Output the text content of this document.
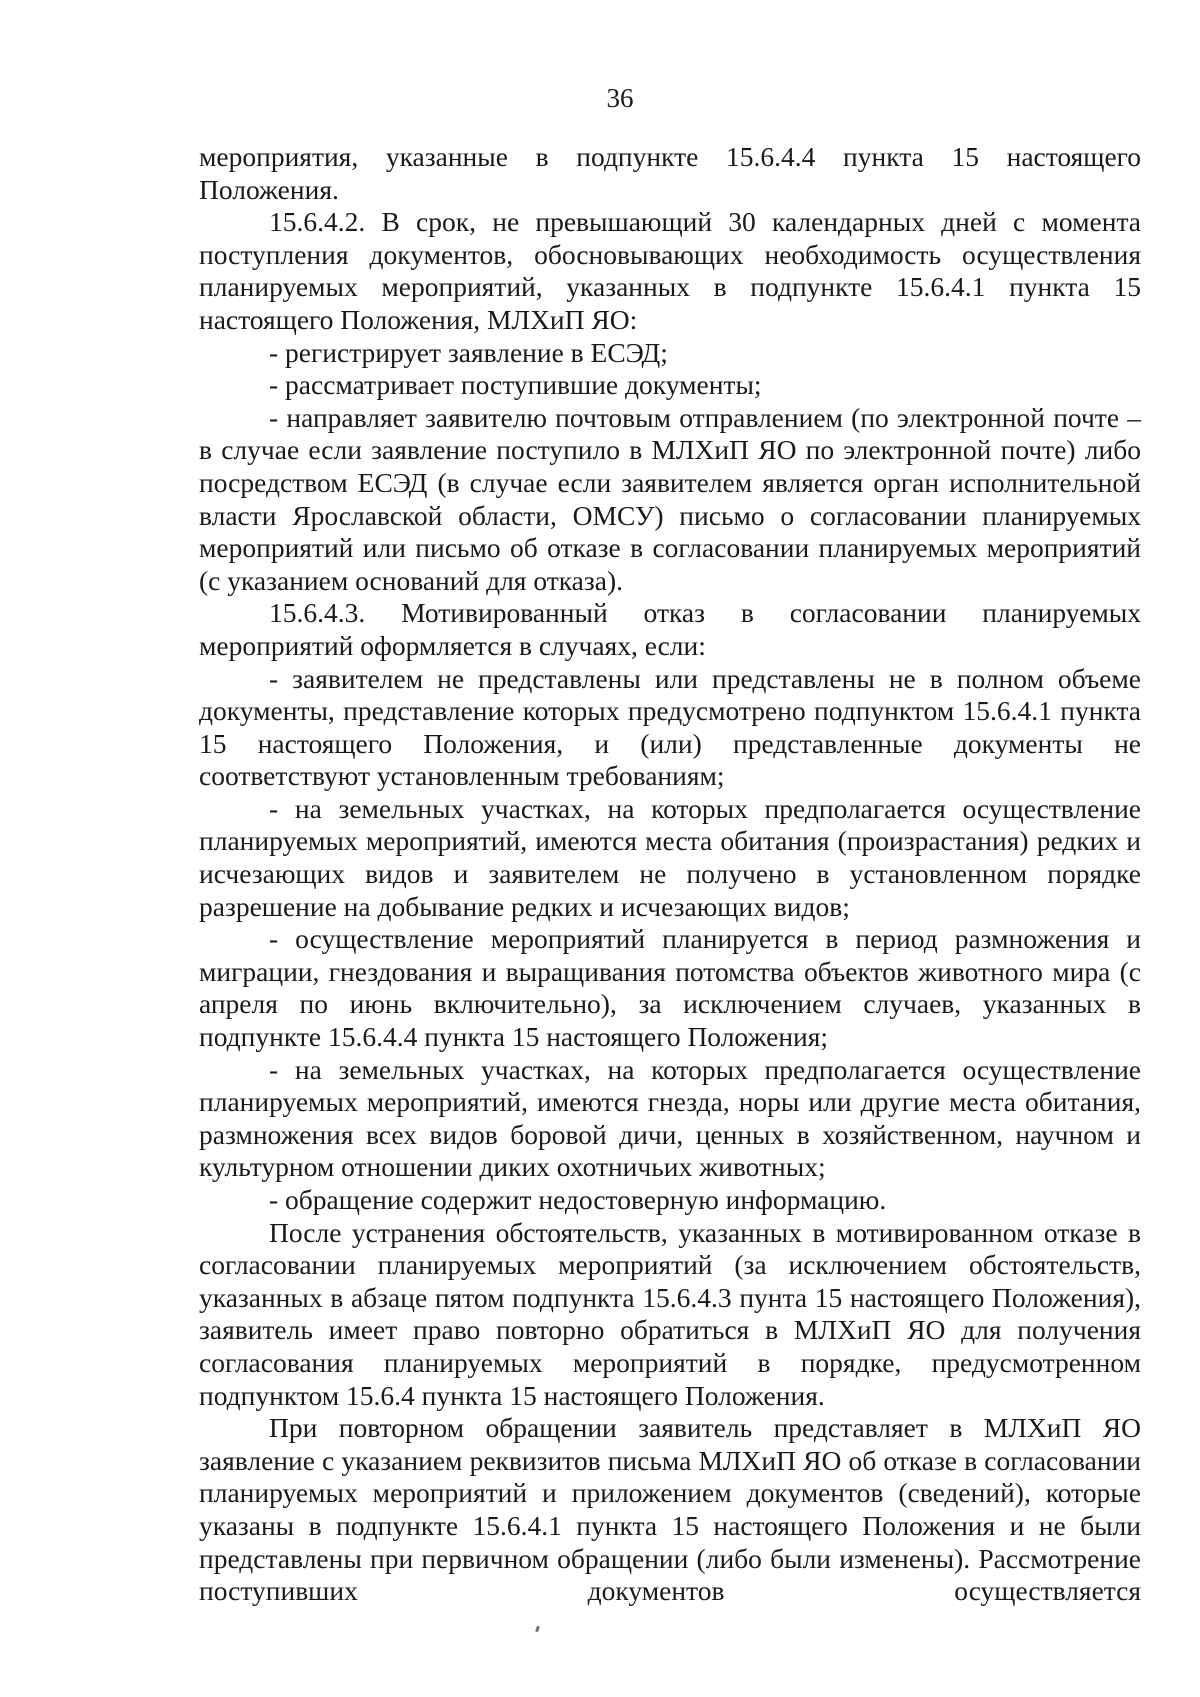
36

мероприятия, указанные в подпункте 15.6.4.4 пункта 15 настоящего Положения.

15.6.4.2. В срок, не превышающий 30 календарных дней с момента поступления документов, обосновывающих необходимость осуществления планируемых мероприятий, указанных в подпункте 15.6.4.1 пункта 15 настоящего Положения, МЛХиП ЯО:

- регистрирует заявление в ЕСЭД;

- рассматривает поступившие документы;

- направляет заявителю почтовым отправлением (по электронной почте – в случае если заявление поступило в МЛХиП ЯО по электронной почте) либо посредством ЕСЭД (в случае если заявителем является орган исполнительной власти Ярославской области, ОМСУ) письмо о согласовании планируемых мероприятий или письмо об отказе в согласовании планируемых мероприятий (с указанием оснований для отказа).

15.6.4.3. Мотивированный отказ в согласовании планируемых мероприятий оформляется в случаях, если:

- заявителем не представлены или представлены не в полном объеме документы, представление которых предусмотрено подпунктом 15.6.4.1 пункта 15 настоящего Положения, и (или) представленные документы не соответствуют установленным требованиям;

- на земельных участках, на которых предполагается осуществление планируемых мероприятий, имеются места обитания (произрастания) редких и исчезающих видов и заявителем не получено в установленном порядке разрешение на добывание редких и исчезающих видов;

- осуществление мероприятий планируется в период размножения и миграции, гнездования и выращивания потомства объектов животного мира (с апреля по июнь включительно), за исключением случаев, указанных в подпункте 15.6.4.4 пункта 15 настоящего Положения;

- на земельных участках, на которых предполагается осуществление планируемых мероприятий, имеются гнезда, норы или другие места обитания, размножения всех видов боровой дичи, ценных в хозяйственном, научном и культурном отношении диких охотничьих животных;

- обращение содержит недостоверную информацию.

После устранения обстоятельств, указанных в мотивированном отказе в согласовании планируемых мероприятий (за исключением обстоятельств, указанных в абзаце пятом подпункта 15.6.4.3 пунта 15 настоящего Положения), заявитель имеет право повторно обратиться в МЛХиП ЯО для получения согласования планируемых мероприятий в порядке, предусмотренном подпунктом 15.6.4 пункта 15 настоящего Положения.

При повторном обращении заявитель представляет в МЛХиП ЯО заявление с указанием реквизитов письма МЛХиП ЯО об отказе в согласовании планируемых мероприятий и приложением документов (сведений), которые указаны в подпункте 15.6.4.1 пункта 15 настоящего Положения и не были представлены при первичном обращении (либо были изменены). Рассмотрение поступивших документов осуществляется
